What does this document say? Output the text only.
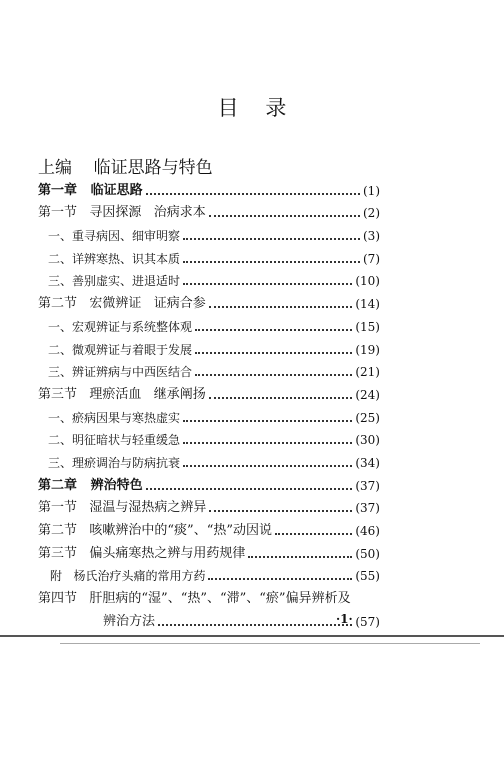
目    录
上编    临证思路与特色
第一章   临证思路	(1)
第一节   寻因探源   治病求本	(2)
一、重寻病因、细审明察	(3)
二、详辨寒热、识其本质	(7)
三、善别虚实、进退适时	(10)
第二节   宏微辨证   证病合参	(14)
一、宏观辨证与系统整体观	(15)
二、微观辨证与着眼于发展	(19)
三、辨证辨病与中西医结合	(21)
第三节   理瘀活血   继承阐扬	(24)
一、瘀病因果与寒热虚实	(25)
二、明征暗状与轻重缓急	(30)
三、理瘀调治与防病抗衰	(34)
第二章   辨治特色	(37)
第一节   湿温与湿热病之辨异	(37)
第二节   咳嗽辨治中的“痰”、“热”动因说	(46)
第三节   偏头痛寒热之辨与用药规律	(50)
附   杨氏治疗头痛的常用方药	(55)
第四节   肝胆病的“湿”、“热”、“滞”、“瘀”偏异辨析及
辨治方法	(57)
·1·
